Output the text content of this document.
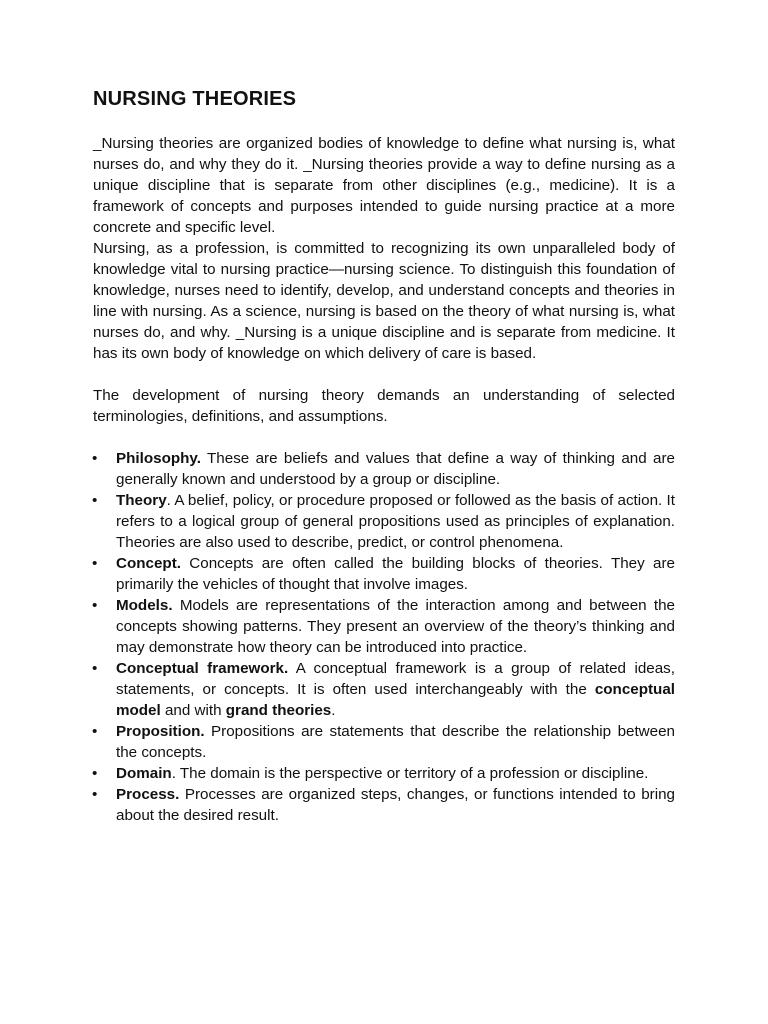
NURSING THEORIES

_Nursing theories are organized bodies of knowledge to define what nursing is, what nurses do, and why they do it. _Nursing theories provide a way to define nursing as a unique discipline that is separate from other disciplines (e.g., medicine). It is a framework of concepts and purposes intended to guide nursing practice at a more concrete and specific level.

Nursing, as a profession, is committed to recognizing its own unparalleled body of knowledge vital to nursing practice—nursing science. To distinguish this foundation of knowledge, nurses need to identify, develop, and understand concepts and theories in line with nursing. As a science, nursing is based on the theory of what nursing is, what nurses do, and why. _Nursing is a unique discipline and is separate from medicine. It has its own body of knowledge on which delivery of care is based.

The development of nursing theory demands an understanding of selected terminologies, definitions, and assumptions.

•	Philosophy. These are beliefs and values that define a way of thinking and are generally known and understood by a group or discipline.
•	Theory. A belief, policy, or procedure proposed or followed as the basis of action. It refers to a logical group of general propositions used as principles of explanation. Theories are also used to describe, predict, or control phenomena.
•	Concept. Concepts are often called the building blocks of theories. They are primarily the vehicles of thought that involve images.
•	Models. Models are representations of the interaction among and between the concepts showing patterns. They present an overview of the theory’s thinking and may demonstrate how theory can be introduced into practice.
•	Conceptual framework. A conceptual framework is a group of related ideas, statements, or concepts. It is often used interchangeably with the conceptual model and with grand theories.
•	Proposition. Propositions are statements that describe the relationship between the concepts.
•	Domain. The domain is the perspective or territory of a profession or discipline.
•	Process. Processes are organized steps, changes, or functions intended to bring about the desired result.
